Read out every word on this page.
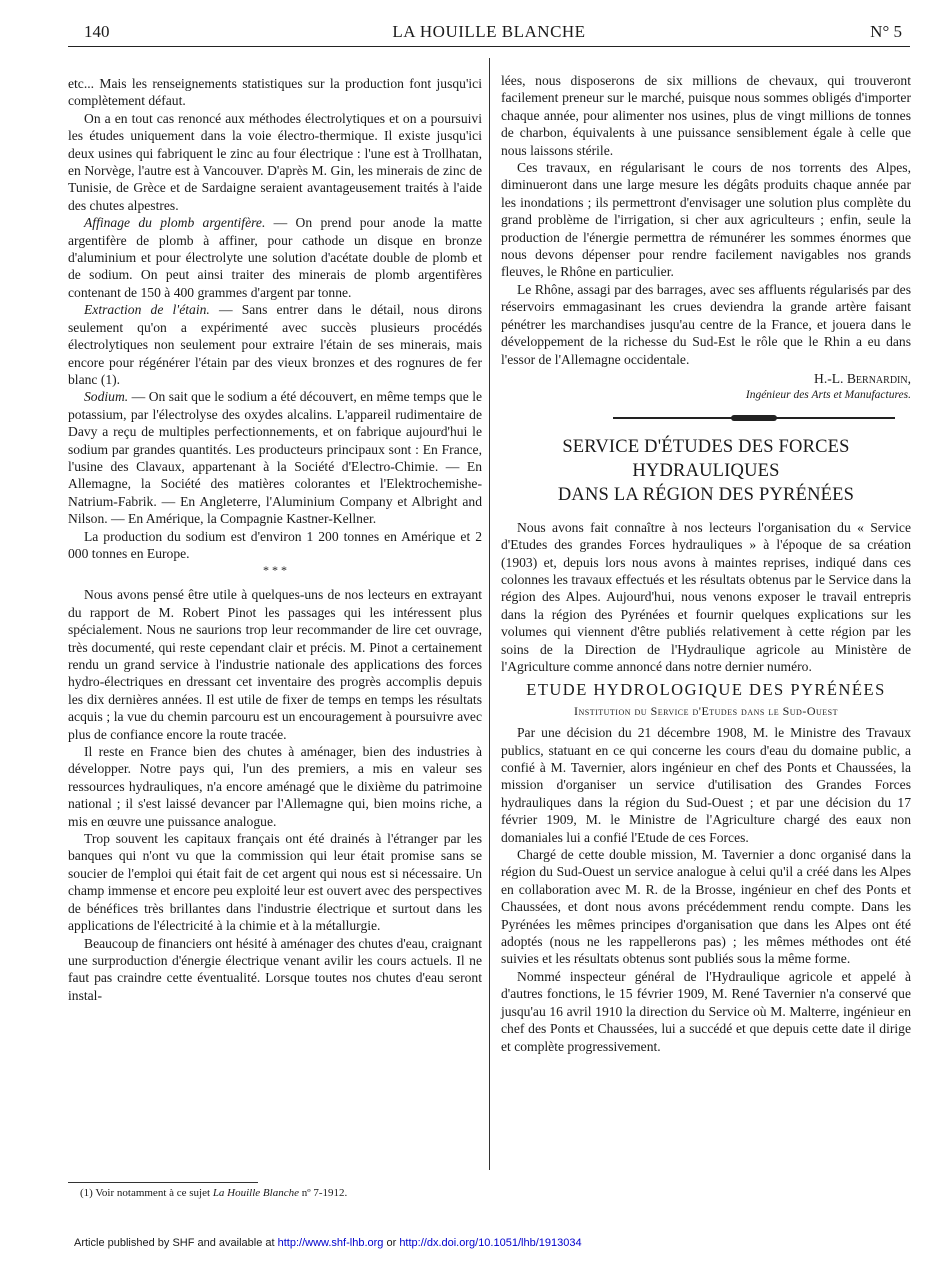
140	LA HOUILLE BLANCHE	N° 5

etc... Mais les renseignements statistiques sur la production font jusqu'ici complètement défaut.

On a en tout cas renoncé aux méthodes électrolytiques et on a poursuivi les études uniquement dans la voie électro-thermique. Il existe jusqu'ici deux usines qui fabriquent le zinc au four électrique : l'une est à Trollhatan, en Norvège, l'autre est à Vancouver. D'après M. Gin, les minerais de zinc de Tunisie, de Grèce et de Sardaigne seraient avantageusement traités à l'aide des chutes alpestres.

Affinage du plomb argentifère. — On prend pour anode la matte argentifère de plomb à affiner, pour cathode un disque en bronze d'aluminium et pour électrolyte une solution d'acétate double de plomb et de sodium. On peut ainsi traiter des minerais de plomb argentifères contenant de 150 à 400 grammes d'argent par tonne.

Extraction de l'étain. — Sans entrer dans le détail, nous dirons seulement qu'on a expérimenté avec succès plusieurs procédés électrolytiques non seulement pour extraire l'étain de ses minerais, mais encore pour régénérer l'étain par des vieux bronzes et des rognures de fer blanc (1).

Sodium. — On sait que le sodium a été découvert, en même temps que le potassium, par l'électrolyse des oxydes alcalins. L'appareil rudimentaire de Davy a reçu de multiples perfectionnements, et on fabrique aujourd'hui le sodium par grandes quantités. Les producteurs principaux sont : En France, l'usine des Clavaux, appartenant à la Société d'Electro-Chimie. — En Allemagne, la Société des matières colorantes et l'Elektrochemishe-Natrium-Fabrik. — En Angleterre, l'Aluminium Company et Albright and Nilson. — En Amérique, la Compagnie Kastner-Kellner.

La production du sodium est d'environ 1 200 tonnes en Amérique et 2 000 tonnes en Europe.

* * *

Nous avons pensé être utile à quelques-uns de nos lecteurs en extrayant du rapport de M. Robert Pinot les passages qui les intéressent plus spécialement. Nous ne saurions trop leur recommander de lire cet ouvrage, très documenté, qui reste cependant clair et précis. M. Pinot a certainement rendu un grand service à l'industrie nationale des applications des forces hydro-électriques en dressant cet inventaire des progrès accomplis depuis les dix dernières années. Il est utile de fixer de temps en temps les résultats acquis ; la vue du chemin parcouru est un encouragement à poursuivre avec plus de confiance encore la route tracée.

Il reste en France bien des chutes à aménager, bien des industries à développer. Notre pays qui, l'un des premiers, a mis en valeur ses ressources hydrauliques, n'a encore aménagé que le dixième du patrimoine national ; il s'est laissé devancer par l'Allemagne qui, bien moins riche, a mis en œuvre une puissance analogue.

Trop souvent les capitaux français ont été drainés à l'étranger par les banques qui n'ont vu que la commission qui leur était promise sans se soucier de l'emploi qui était fait de cet argent qui nous est si nécessaire. Un champ immense et encore peu exploité leur est ouvert avec des perspectives de bénéfices très brillantes dans l'industrie électrique et surtout dans les applications de l'électricité à la chimie et à la métallurgie.

Beaucoup de financiers ont hésité à aménager des chutes d'eau, craignant une surproduction d'énergie électrique venant avilir les cours actuels. Il ne faut pas craindre cette éventualité. Lorsque toutes nos chutes d'eau seront instal-

lées, nous disposerons de six millions de chevaux, qui trouveront facilement preneur sur le marché, puisque nous sommes obligés d'importer chaque année, pour alimenter nos usines, plus de vingt millions de tonnes de charbon, équivalents à une puissance sensiblement égale à celle que nous laissons stérile.

Ces travaux, en régularisant le cours de nos torrents des Alpes, diminueront dans une large mesure les dégâts produits chaque année par les inondations ; ils permettront d'envisager une solution plus complète du grand problème de l'irrigation, si cher aux agriculteurs ; enfin, seule la production de l'énergie permettra de rémunérer les sommes énormes que nous devons dépenser pour rendre facilement navigables nos grands fleuves, le Rhône en particulier.

Le Rhône, assagi par des barrages, avec ses affluents régularisés par des réservoirs emmagasinant les crues deviendra la grande artère faisant pénétrer les marchandises jusqu'au centre de la France, et jouera dans le développement de la richesse du Sud-Est le rôle que le Rhin a eu dans l'essor de l'Allemagne occidentale.

H.-L. Bernardin,

Ingénieur des Arts et Manufactures.

SERVICE D'ÉTUDES DES FORCES HYDRAULIQUES
DANS LA RÉGION DES PYRÉNÉES

Nous avons fait connaître à nos lecteurs l'organisation du « Service d'Etudes des grandes Forces hydrauliques » à l'époque de sa création (1903) et, depuis lors nous avons à maintes reprises, indiqué dans ces colonnes les travaux effectués et les résultats obtenus par le Service dans la région des Alpes. Aujourd'hui, nous venons exposer le travail entrepris dans la région des Pyrénées et fournir quelques explications sur les volumes qui viennent d'être publiés relativement à cette région par les soins de la Direction de l'Hydraulique agricole au Ministère de l'Agriculture comme annoncé dans notre dernier numéro.

ETUDE HYDROLOGIQUE DES PYRÉNÉES

Institution du Service d'Etudes dans le Sud-Ouest

Par une décision du 21 décembre 1908, M. le Ministre des Travaux publics, statuant en ce qui concerne les cours d'eau du domaine public, a confié à M. Tavernier, alors ingénieur en chef des Ponts et Chaussées, la mission d'organiser un service d'utilisation des Grandes Forces hydrauliques dans la région du Sud-Ouest ; et par une décision du 17 février 1909, M. le Ministre de l'Agriculture chargé des eaux non domaniales lui a confié l'Etude de ces Forces.

Chargé de cette double mission, M. Tavernier a donc organisé dans la région du Sud-Ouest un service analogue à celui qu'il a créé dans les Alpes en collaboration avec M. R. de la Brosse, ingénieur en chef des Ponts et Chaussées, et dont nous avons précédemment rendu compte. Dans les Pyrénées les mêmes principes d'organisation que dans les Alpes ont été adoptés (nous ne les rappellerons pas) ; les mêmes méthodes ont été suivies et les résultats obtenus sont publiés sous la même forme.

Nommé inspecteur général de l'Hydraulique agricole et appelé à d'autres fonctions, le 15 février 1909, M. René Tavernier n'a conservé que jusqu'au 16 avril 1910 la direction du Service où M. Malterre, ingénieur en chef des Ponts et Chaussées, lui a succédé et que depuis cette date il dirige et complète progressivement.

(1) Voir notamment à ce sujet La Houille Blanche nº 7-1912.
Article published by SHF and available at http://www.shf-lhb.org or http://dx.doi.org/10.1051/lhb/1913034
